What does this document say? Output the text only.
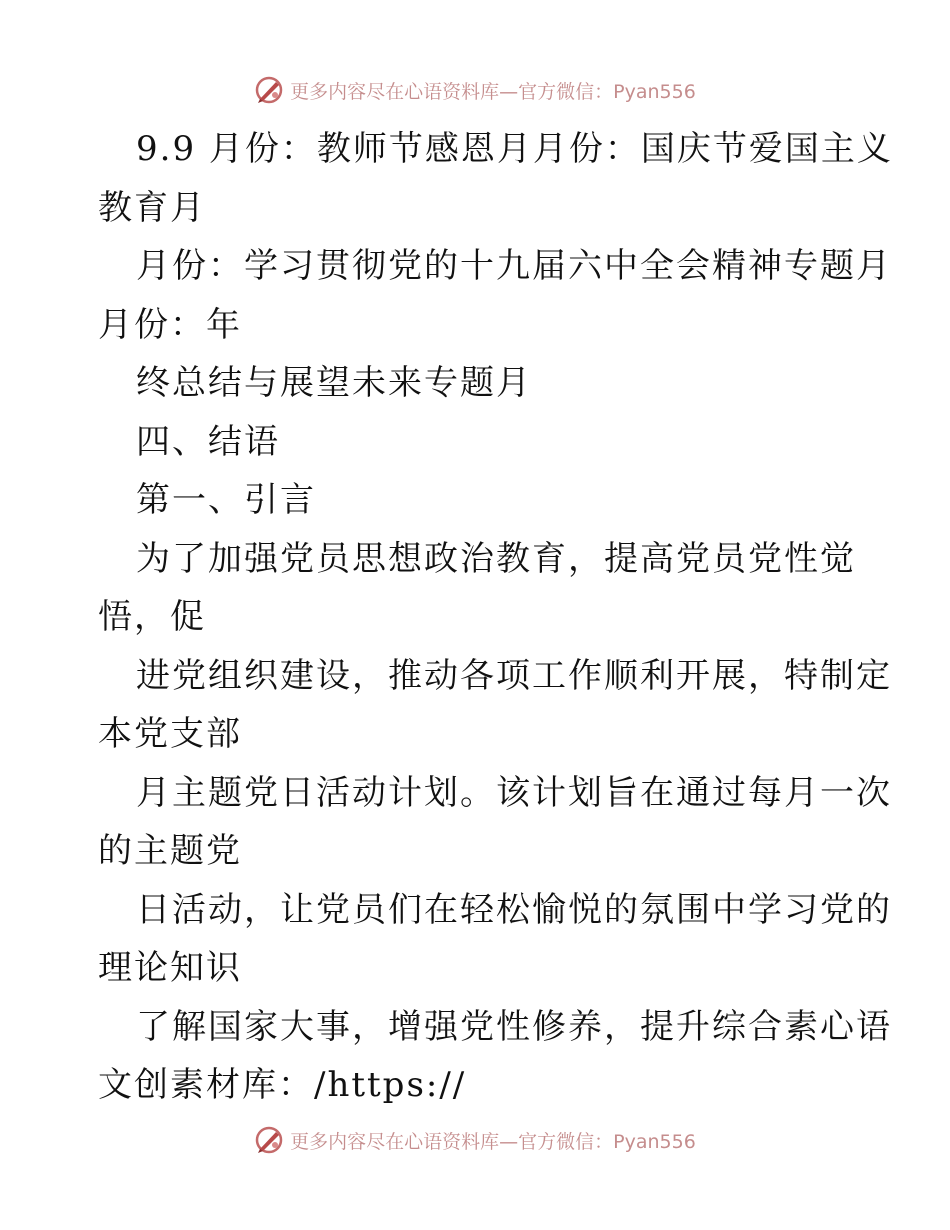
更多内容尽在心语资料库—官方微信：Pyan556
9.9 月份：教师节感恩月月份：国庆节爱国主义
教育月
月份：学习贯彻党的十九届六中全会精神专题月
月份：年
终总结与展望未来专题月
四、结语
第一、引言
为了加强党员思想政治教育，提高党员党性觉
悟，促
进党组织建设，推动各项工作顺利开展，特制定
本党支部
月主题党日活动计划。该计划旨在通过每月一次
的主题党
日活动，让党员们在轻松愉悦的氛围中学习党的
理论知识
了解国家大事，增强党性修养，提升综合素心语
文创素材库：/https://
更多内容尽在心语资料库—官方微信：Pyan556
